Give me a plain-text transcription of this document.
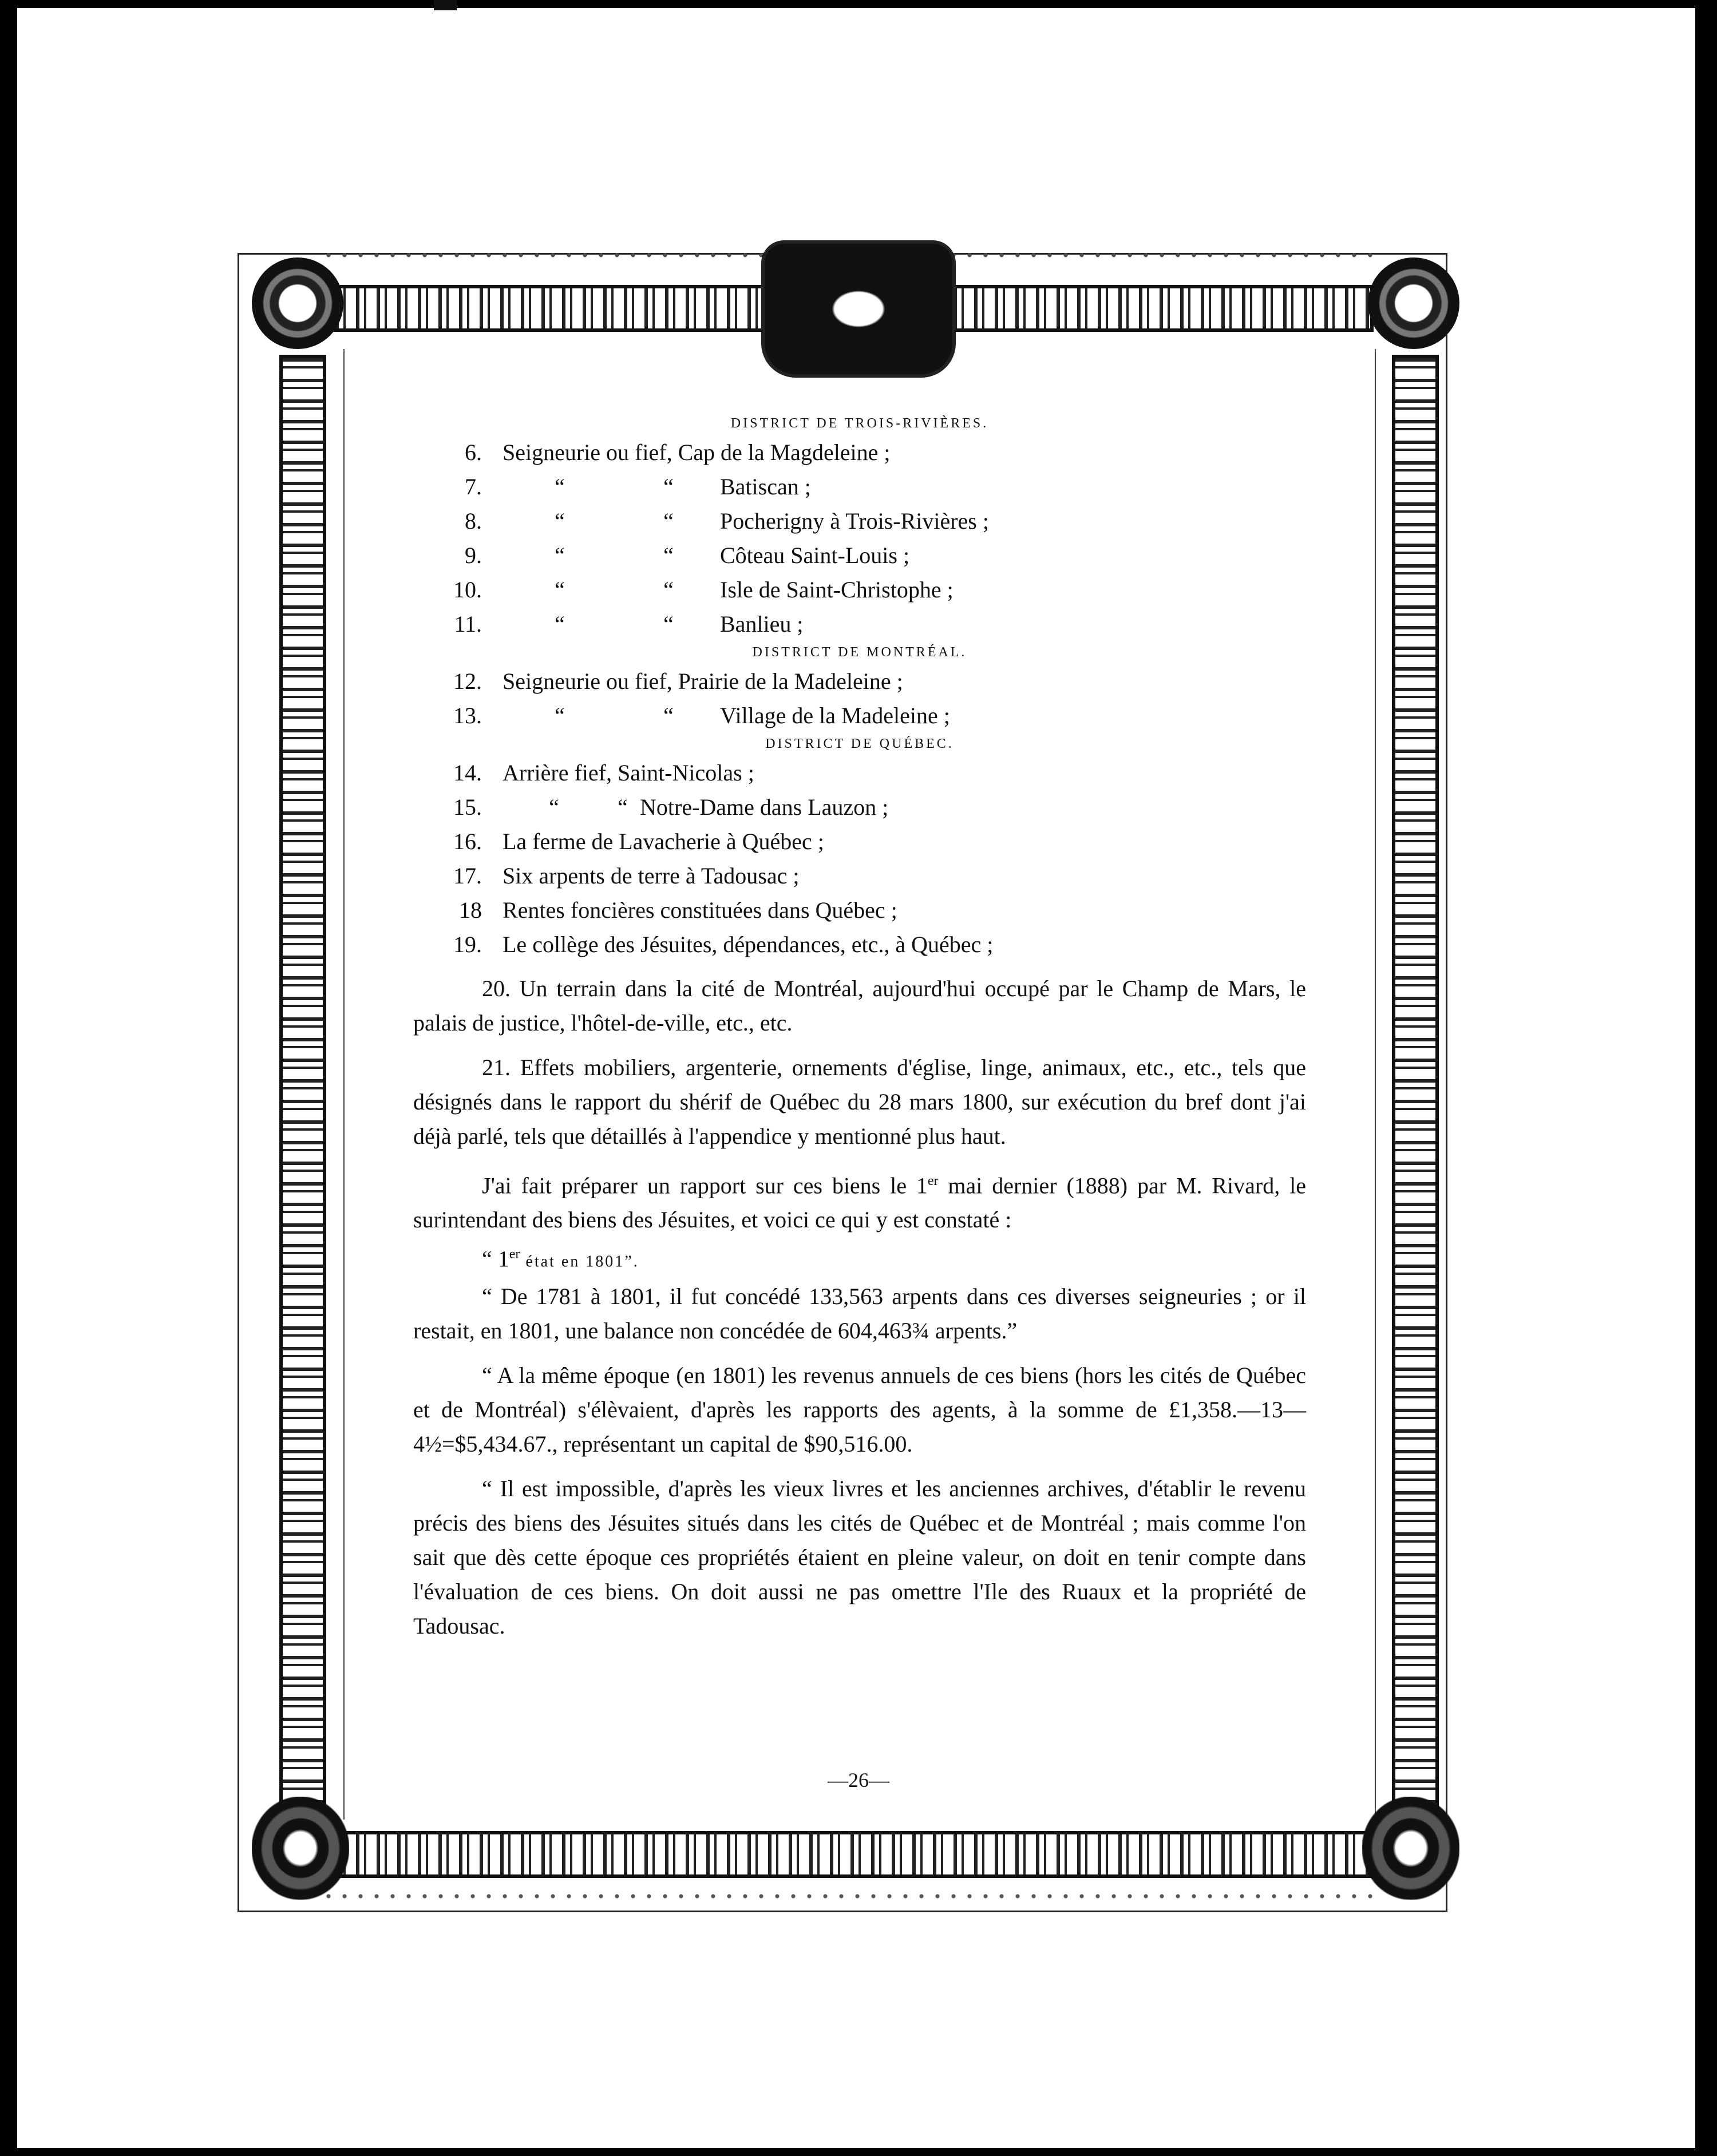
DISTRICT DE TROIS-RIVIÈRES.

6. Seigneurie ou fief, Cap de la Magdeleine ;
7.	“	“	Batiscan ;
8.	“	“	Pocherigny à Trois-Rivières ;
9.	“	“	Côteau Saint-Louis ;
10.	“	“	Isle de Saint-Christophe ;
11.	“	“	Banlieu ;

DISTRICT DE MONTRÉAL.

12. Seigneurie ou fief, Prairie de la Madeleine ;
13.	“	“	Village de la Madeleine ;

DISTRICT DE QUÉBEC.

14. Arrière fief, Saint-Nicolas ;
15.	“	“ Notre-Dame dans Lauzon ;
16. La ferme de Lavacherie à Québec ;
17. Six arpents de terre à Tadousac ;
18 Rentes foncières constituées dans Québec ;
19. Le collège des Jésuites, dépendances, etc., à Québec ;

20. Un terrain dans la cité de Montréal, aujourd'hui occupé par le Champ de Mars, le palais de justice, l'hôtel-de-ville, etc., etc.

21. Effets mobiliers, argenterie, ornements d'église, linge, animaux, etc., etc., tels que désignés dans le rapport du shérif de Québec du 28 mars 1800, sur exécution du bref dont j'ai déjà parlé, tels que détaillés à l'appendice y mentionné plus haut.

J'ai fait préparer un rapport sur ces biens le 1er mai dernier (1888) par M. Rivard, le surintendant des biens des Jésuites, et voici ce qui y est constaté :

“ 1er état en 1801”.

“ De 1781 à 1801, il fut concédé 133,563 arpents dans ces diverses seigneuries ; or il restait, en 1801, une balance non concédée de 604,463¾ arpents.”

“ A la même époque (en 1801) les revenus annuels de ces biens (hors les cités de Québec et de Montréal) s'élèvaient, d'après les rapports des agents, à la somme de £1,358.—13—4½=$5,434.67., représentant un capital de $90,516.00.

“ Il est impossible, d'après les vieux livres et les anciennes archives, d'établir le revenu précis des biens des Jésuites situés dans les cités de Québec et de Montréal ; mais comme l'on sait que dès cette époque ces propriétés étaient en pleine valeur, on doit en tenir compte dans l'évaluation de ces biens. On doit aussi ne pas omettre l'Ile des Ruaux et la propriété de Tadousac.

—26—
